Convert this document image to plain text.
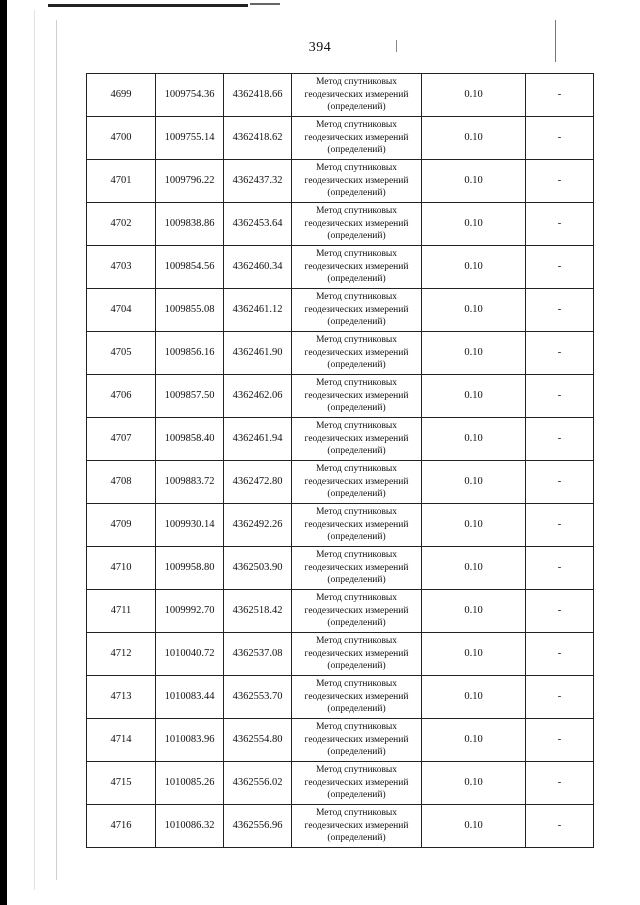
394
4699	1009754.36	4362418.66	Метод спутниковых
геодезических измерений
(определений)	0.10	-
4700	1009755.14	4362418.62	Метод спутниковых
геодезических измерений
(определений)	0.10	-
4701	1009796.22	4362437.32	Метод спутниковых
геодезических измерений
(определений)	0.10	-
4702	1009838.86	4362453.64	Метод спутниковых
геодезических измерений
(определений)	0.10	-
4703	1009854.56	4362460.34	Метод спутниковых
геодезических измерений
(определений)	0.10	-
4704	1009855.08	4362461.12	Метод спутниковых
геодезических измерений
(определений)	0.10	-
4705	1009856.16	4362461.90	Метод спутниковых
геодезических измерений
(определений)	0.10	-
4706	1009857.50	4362462.06	Метод спутниковых
геодезических измерений
(определений)	0.10	-
4707	1009858.40	4362461.94	Метод спутниковых
геодезических измерений
(определений)	0.10	-
4708	1009883.72	4362472.80	Метод спутниковых
геодезических измерений
(определений)	0.10	-
4709	1009930.14	4362492.26	Метод спутниковых
геодезических измерений
(определений)	0.10	-
4710	1009958.80	4362503.90	Метод спутниковых
геодезических измерений
(определений)	0.10	-
4711	1009992.70	4362518.42	Метод спутниковых
геодезических измерений
(определений)	0.10	-
4712	1010040.72	4362537.08	Метод спутниковых
геодезических измерений
(определений)	0.10	-
4713	1010083.44	4362553.70	Метод спутниковых
геодезических измерений
(определений)	0.10	-
4714	1010083.96	4362554.80	Метод спутниковых
геодезических измерений
(определений)	0.10	-
4715	1010085.26	4362556.02	Метод спутниковых
геодезических измерений
(определений)	0.10	-
4716	1010086.32	4362556.96	Метод спутниковых
геодезических измерений
(определений)	0.10	-
